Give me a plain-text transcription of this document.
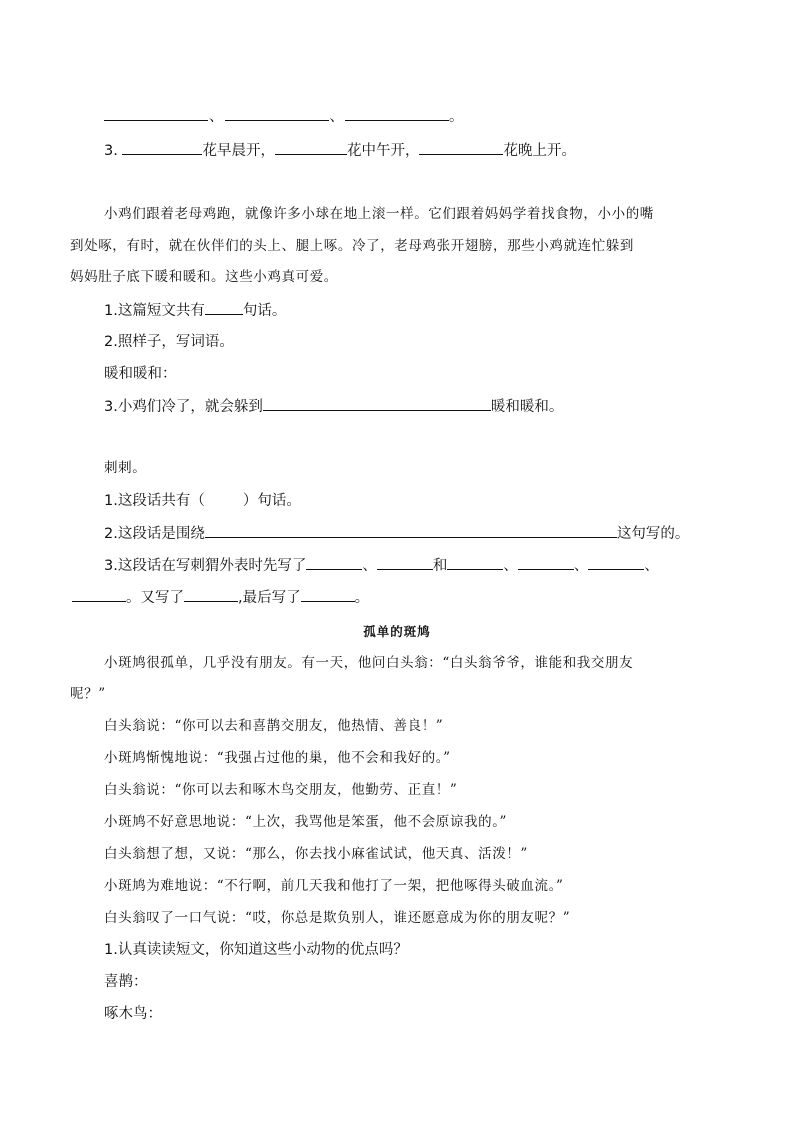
、	、	。
3.	花早晨开，	花中午开，	花晚上开。
小鸡们跟着老母鸡跑，就像许多小球在地上滚一样。它们跟着妈妈学着找食物，小小的嘴
到处啄，有时，就在伙伴们的头上、腿上啄。冷了，老母鸡张开翅膀，那些小鸡就连忙躲到
妈妈肚子底下暖和暖和。这些小鸡真可爱。
1.这篇短文共有	句话。
2.照样子，写词语。
暖和暖和：
3.小鸡们冷了，就会躲到	暖和暖和。
刺刺。
1.这段话共有（	）句话。
2.这段话是围绕	这句写的。
3.这段话在写刺猬外表时先写了	、	和	、	、	、
。又写了	,最后写了	。
孤单的斑鸠
小斑鸠很孤单，几乎没有朋友。有一天，他问白头翁：“白头翁爷爷，谁能和我交朋友
呢？”
白头翁说：“你可以去和喜鹊交朋友，他热情、善良！”
小斑鸠惭愧地说：“我强占过他的巢，他不会和我好的。”
白头翁说：“你可以去和啄木鸟交朋友，他勤劳、正直！”
小斑鸠不好意思地说：“上次，我骂他是笨蛋，他不会原谅我的。”
白头翁想了想，又说：“那么，你去找小麻雀试试，他天真、活泼！”
小斑鸠为难地说：“不行啊，前几天我和他打了一架，把他啄得头破血流。”
白头翁叹了一口气说：“哎，你总是欺负别人，谁还愿意成为你的朋友呢？”
1.认真读读短文，你知道这些小动物的优点吗？
喜鹊：
啄木鸟：
